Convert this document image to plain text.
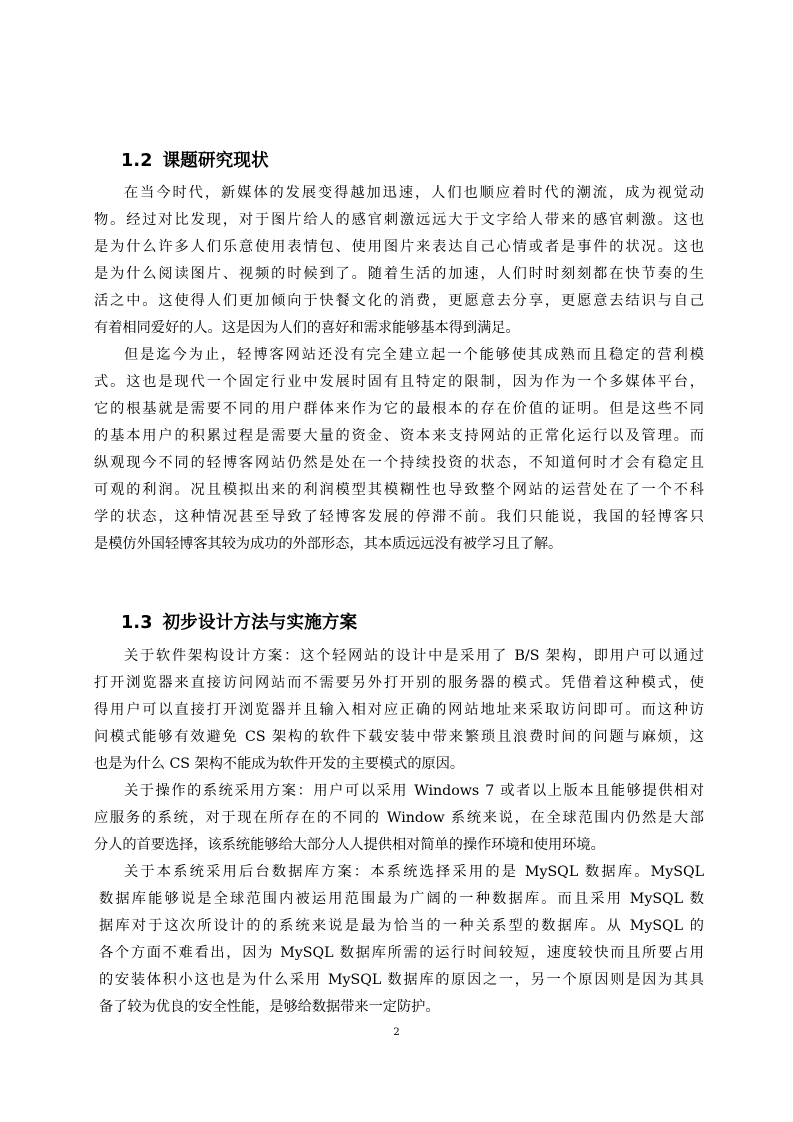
1.2 课题研究现状
在当今时代，新媒体的发展变得越加迅速，人们也顺应着时代的潮流，成为视觉动
物。经过对比发现，对于图片给人的感官刺激远远大于文字给人带来的感官刺激。这也
是为什么许多人们乐意使用表情包、使用图片来表达自己心情或者是事件的状况。这也
是为什么阅读图片、视频的时候到了。随着生活的加速，人们时时刻刻都在快节奏的生
活之中。这使得人们更加倾向于快餐文化的消费，更愿意去分享，更愿意去结识与自己
有着相同爱好的人。这是因为人们的喜好和需求能够基本得到满足。
但是迄今为止，轻博客网站还没有完全建立起一个能够使其成熟而且稳定的营利模
式。这也是现代一个固定行业中发展时固有且特定的限制，因为作为一个多媒体平台，
它的根基就是需要不同的用户群体来作为它的最根本的存在价值的证明。但是这些不同
的基本用户的积累过程是需要大量的资金、资本来支持网站的正常化运行以及管理。而
纵观现今不同的轻博客网站仍然是处在一个持续投资的状态，不知道何时才会有稳定且
可观的利润。况且模拟出来的利润模型其模糊性也导致整个网站的运营处在了一个不科
学的状态，这种情况甚至导致了轻博客发展的停滞不前。我们只能说，我国的轻博客只
是模仿外国轻博客其较为成功的外部形态，其本质远远没有被学习且了解。
1.3 初步设计方法与实施方案
关于软件架构设计方案：这个轻网站的设计中是采用了 B/S 架构，即用户可以通过
打开浏览器来直接访问网站而不需要另外打开别的服务器的模式。凭借着这种模式，使
得用户可以直接打开浏览器并且输入相对应正确的网站地址来采取访问即可。而这种访
问模式能够有效避免 CS 架构的软件下载安装中带来繁琐且浪费时间的问题与麻烦，这
也是为什么 CS 架构不能成为软件开发的主要模式的原因。
关于操作的系统采用方案：用户可以采用 Windows 7 或者以上版本且能够提供相对
应服务的系统，对于现在所存在的不同的 Window 系统来说，在全球范围内仍然是大部
分人的首要选择，该系统能够给大部分人人提供相对简单的操作环境和使用环境。
关于本系统采用后台数据库方案：本系统选择采用的是 MySQL 数据库。MySQL
数据库能够说是全球范围内被运用范围最为广阔的一种数据库。而且采用 MySQL 数
据库对于这次所设计的的系统来说是最为恰当的一种关系型的数据库。从 MySQL 的
各个方面不难看出，因为 MySQL 数据库所需的运行时间较短，速度较快而且所要占用
的安装体积小这也是为什么采用 MySQL 数据库的原因之一，另一个原因则是因为其具
备了较为优良的安全性能，是够给数据带来一定防护。
2
